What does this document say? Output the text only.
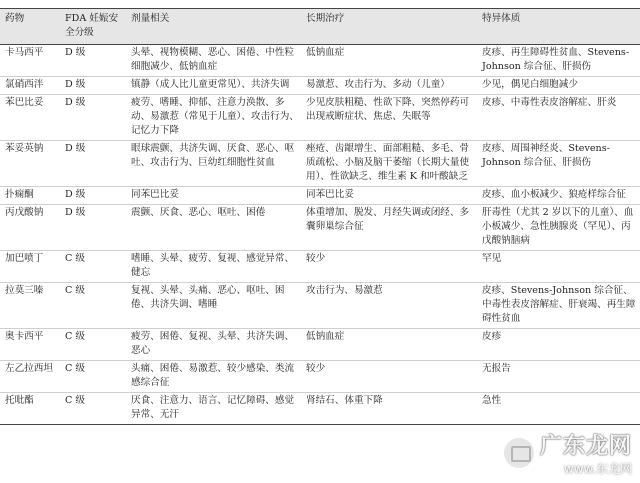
药物	FDA 妊娠安全分级	剂量相关	长期治疗	特异体质
卡马西平	D 级	头晕、视物模糊、恶心、困倦、中性粒细胞减少、低钠血症	低钠血症	皮疹、再生障碍性贫血、Stevens-Johnson 综合征、肝损伤
氯硝西泮	D 级	镇静（成人比儿童更常见）、共济失调	易激惹、攻击行为、多动（儿童）	少见，偶见白细胞减少
苯巴比妥	D 级	疲劳、嗜睡、抑郁、注意力涣散、多动、易激惹（常见于儿童）、攻击行为、记忆力下降	少见皮肤粗糙、性欲下降、突然停药可出现戒断症状、焦虑、失眠等	皮疹、中毒性表皮溶解症、肝炎
苯妥英钠	D 级	眼球震颤、共济失调、厌食、恶心、呕吐、攻击行为、巨幼红细胞性贫血	痤疮、齿龈增生、面部粗糙、多毛、骨质疏松、小脑及脑干萎缩（长期大量使用）、性欲缺乏、维生素 K 和叶酸缺乏	皮疹、周围神经炎、Stevens-Johnson 综合征、肝损伤
扑痫酮	D 级	同苯巴比妥	同苯巴比妥	皮疹、血小板减少、狼疮样综合征
丙戊酸钠	D 级	震颤、厌食、恶心、呕吐、困倦	体重增加、脱发、月经失调或闭经、多囊卵巢综合征	肝毒性（尤其 2 岁以下的儿童）、血小板减少、急性胰腺炎（罕见）、丙戊酸钠脑病
加巴喷丁	C 级	嗜睡、头晕、疲劳、复视、感觉异常、健忘	较少	罕见
拉莫三嗪	C 级	复视、头晕、头痛、恶心、呕吐、困倦、共济失调、嗜睡	攻击行为、易激惹	皮疹、Stevens-Johnson 综合征、中毒性表皮溶解症、肝衰竭、再生障碍性贫血
奥卡西平	C 级	疲劳、困倦、复视、头晕、共济失调、恶心	低钠血症	皮疹
左乙拉西坦	C 级	头痛、困倦、易激惹、较少感染、类流感综合征	较少	无报告
托吡酯	C 级	厌食、注意力、语言、记忆障碍、感觉异常、无汗	肾结石、体重下降	急性
广东龙网
www.东龙网
